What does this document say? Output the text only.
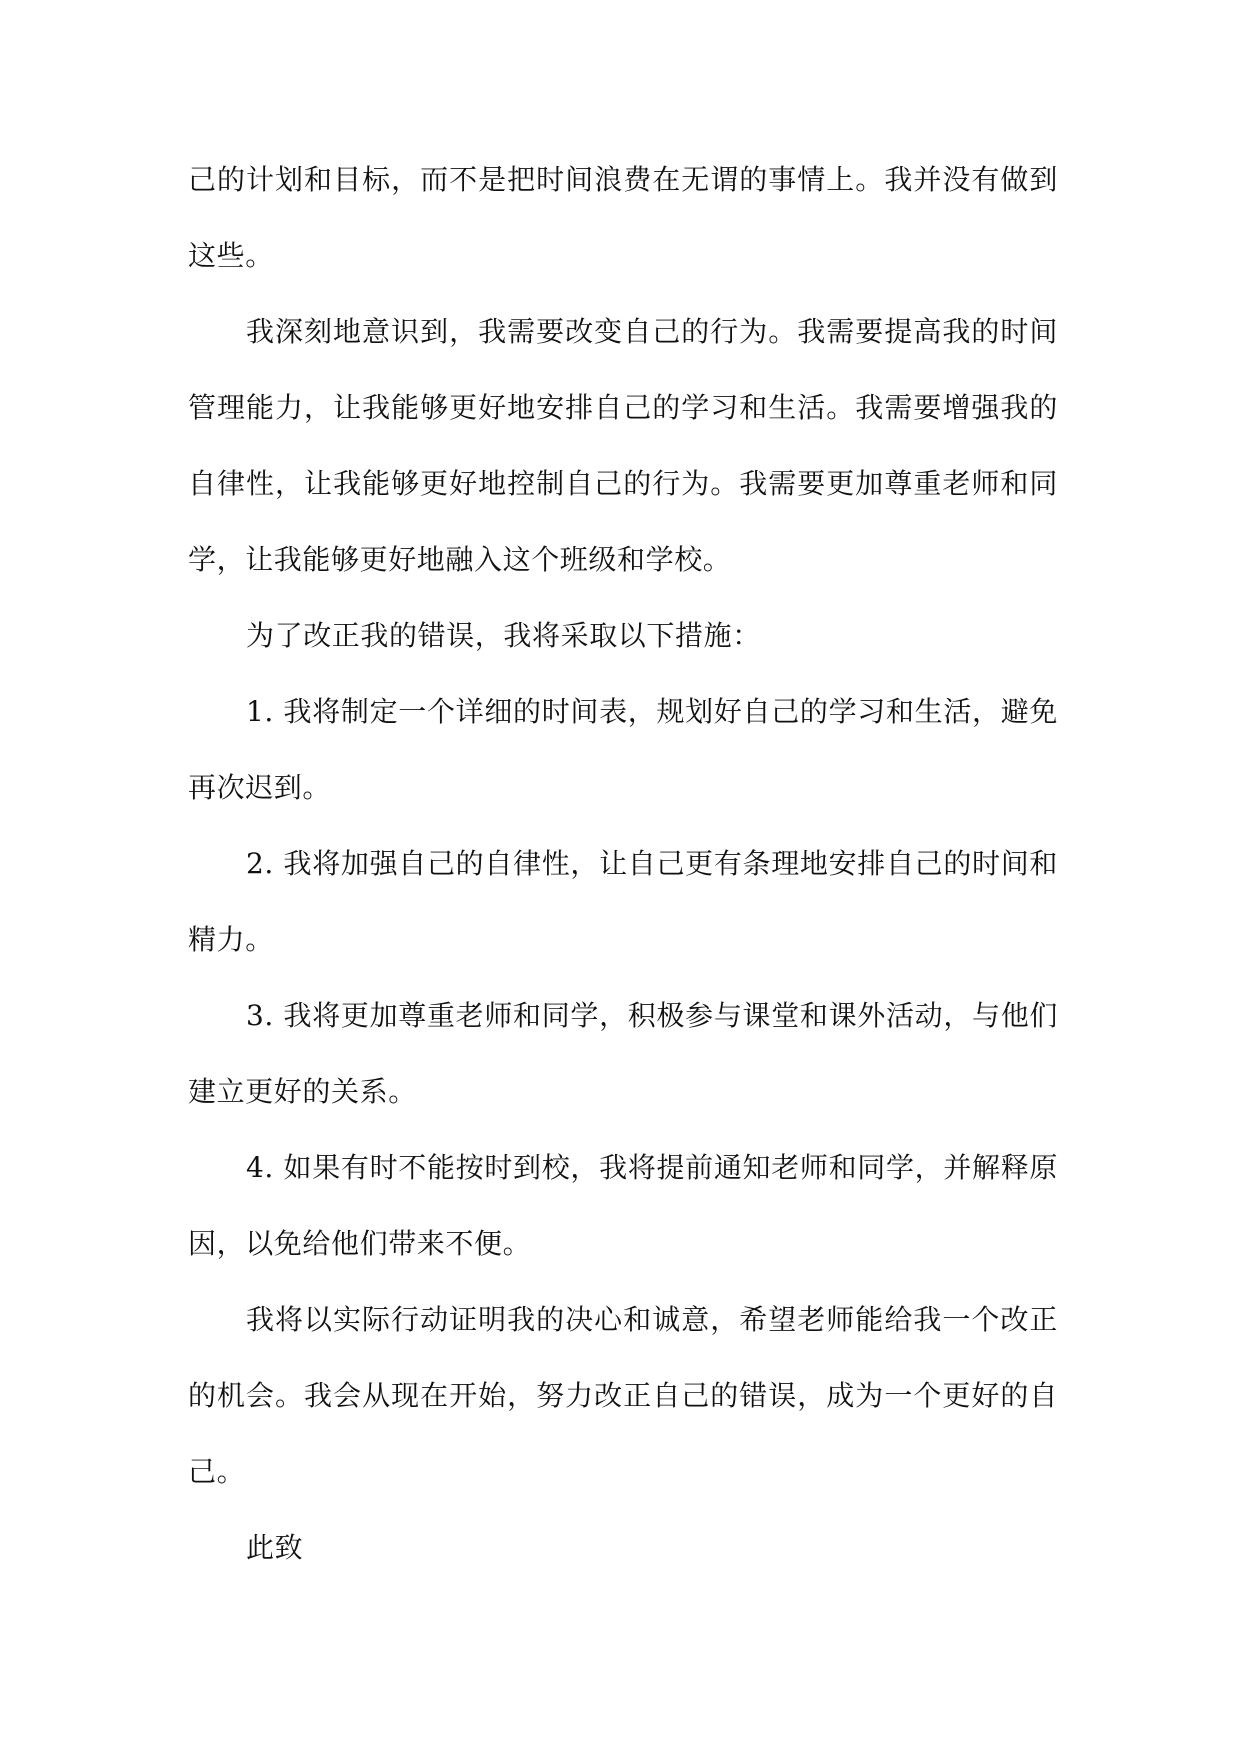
己的计划和目标，而不是把时间浪费在无谓的事情上。我并没有做到这些。

我深刻地意识到，我需要改变自己的行为。我需要提高我的时间管理能力，让我能够更好地安排自己的学习和生活。我需要增强我的自律性，让我能够更好地控制自己的行为。我需要更加尊重老师和同学，让我能够更好地融入这个班级和学校。

为了改正我的错误，我将采取以下措施：

1. 我将制定一个详细的时间表，规划好自己的学习和生活，避免再次迟到。

2. 我将加强自己的自律性，让自己更有条理地安排自己的时间和精力。

3. 我将更加尊重老师和同学，积极参与课堂和课外活动，与他们建立更好的关系。

4. 如果有时不能按时到校，我将提前通知老师和同学，并解释原因，以免给他们带来不便。

我将以实际行动证明我的决心和诚意，希望老师能给我一个改正的机会。我会从现在开始，努力改正自己的错误，成为一个更好的自己。

此致
